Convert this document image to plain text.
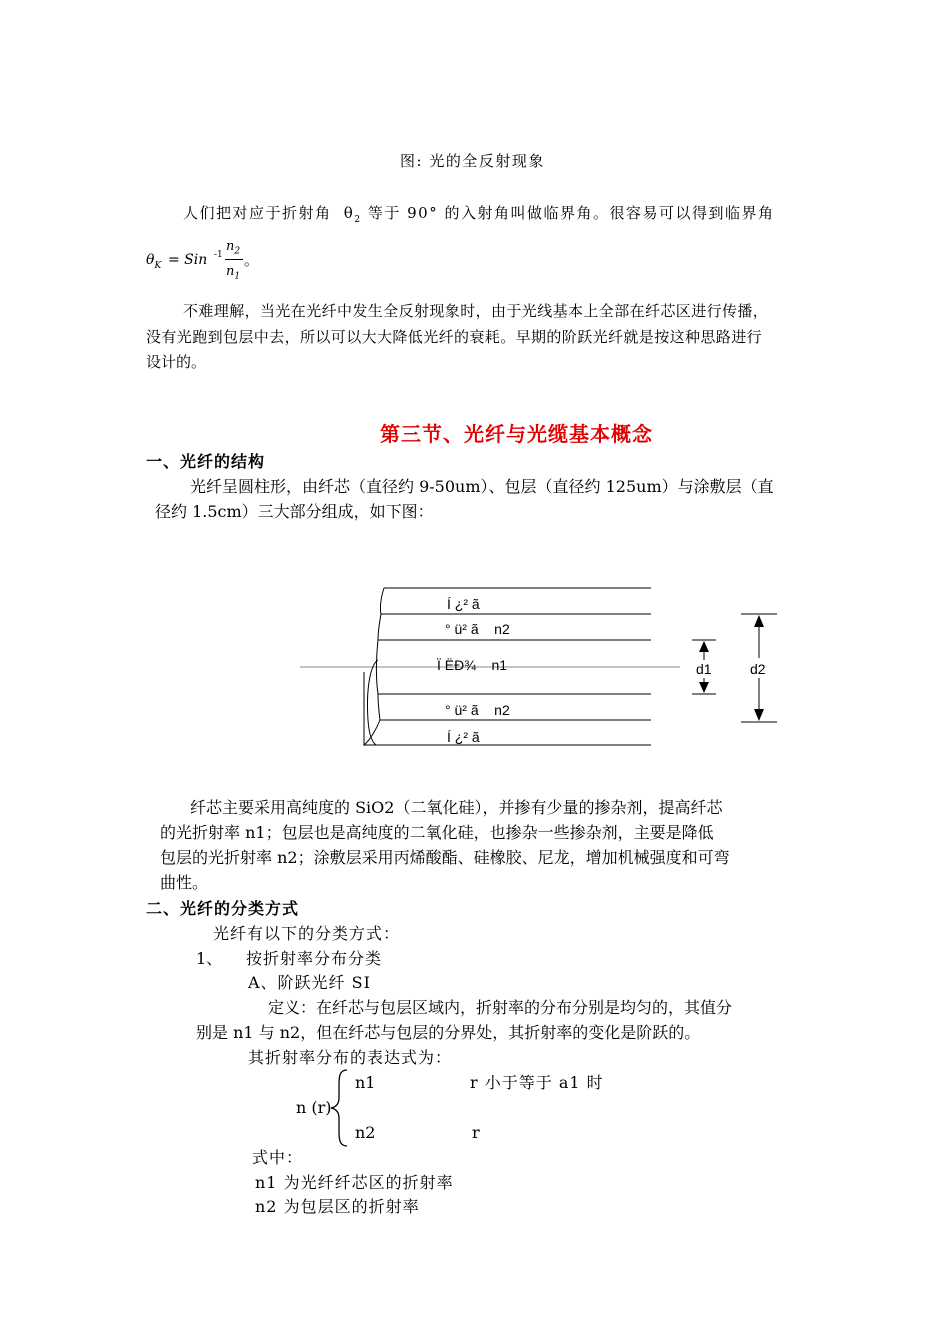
图: 光的全反射现象
人们把对应于折射角 $\theta_2$ 等于 90° 的入射角叫做临界角。很容易可以得到临界角
$\theta_K$ = Sin -1
$n_2$
$n_1$
。
不难理解，当光在光纤中发生全反射现象时，由于光线基本上全部在纤芯区进行传播，
没有光跑到包层中去，所以可以大大降低光纤的衰耗。早期的阶跃光纤就是按这种思路进行
设计的。
第三节、光纤与光缆基本概念
一、光纤的结构
光纤呈圆柱形，由纤芯（直径约 9-50um）、包层（直径约 125um）与涂敷层（直
径约 1.5cm）三大部分组成，如下图：
Í ¿² ã
° ü² ã    n2
Ï ËÐ¾    n1
° ü² ã    n2
Í ¿² ã
d1	d2
纤芯主要采用高纯度的 SiO2（二氧化硅），并掺有少量的掺杂剂，提高纤芯
的光折射率 n1；包层也是高纯度的二氧化硅，也掺杂一些掺杂剂，主要是降低
包层的光折射率 n2；涂敷层采用丙烯酸酯、硅橡胶、尼龙，增加机械强度和可弯
曲性。
二、光纤的分类方式
光纤有以下的分类方式：
1、 按折射率分布分类
A、阶跃光纤 SI
定义：在纤芯与包层区域内，折射率的分布分别是均匀的，其值分
别是 n1 与 n2，但在纤芯与包层的分界处，其折射率的变化是阶跃的。
其折射率分布的表达式为：
n1	r 小于等于 a1 时
n (r)
n2	r
式中：
n1 为光纤纤芯区的折射率
n2 为包层区的折射率
